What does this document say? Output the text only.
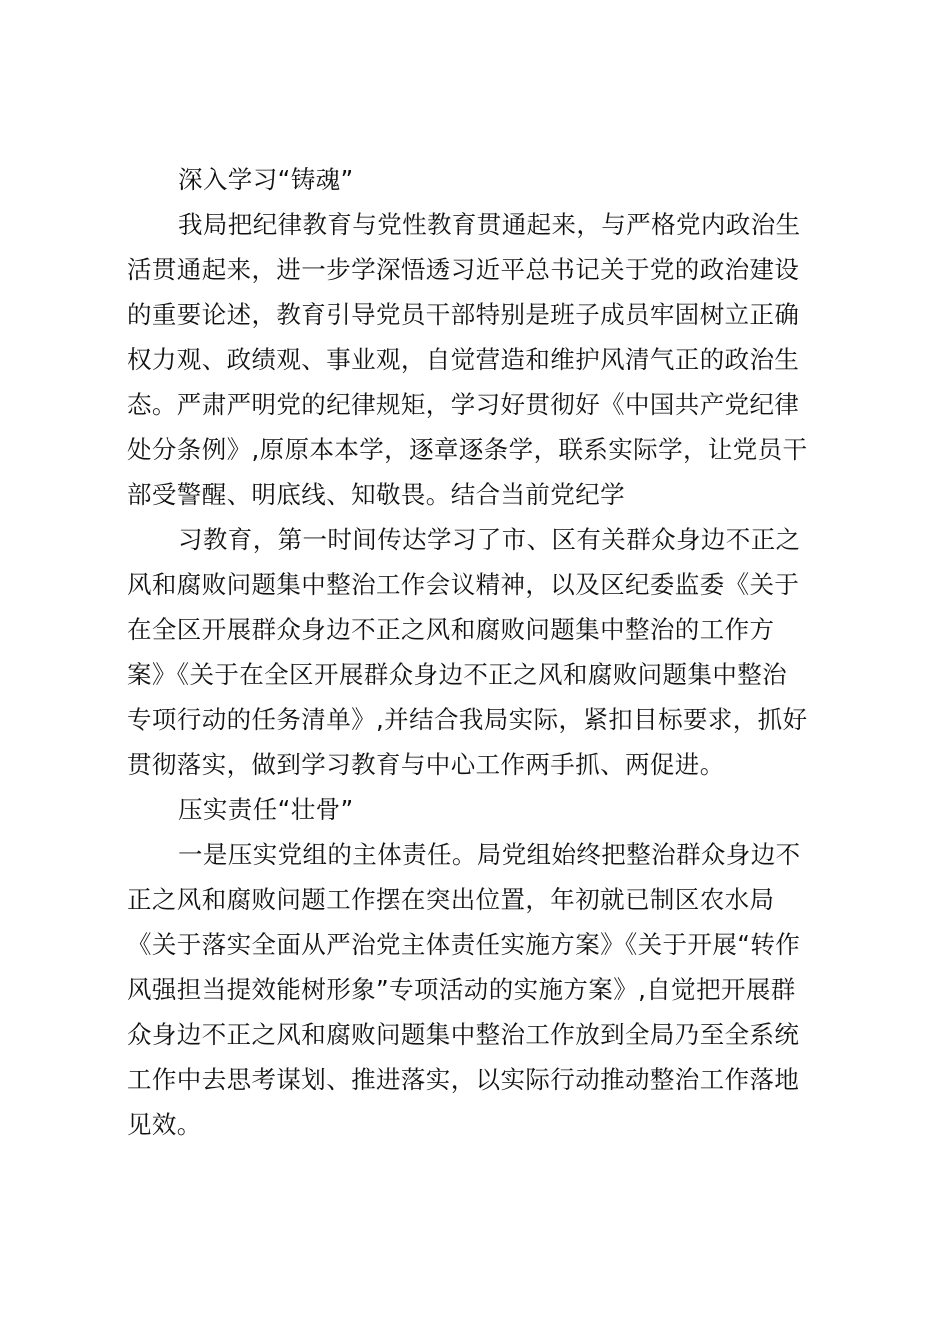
深入学习“铸魂”
我局把纪律教育与党性教育贯通起来，与严格党内政治生
活贯通起来，进一步学深悟透习近平总书记关于党的政治建设
的重要论述，教育引导党员干部特别是班子成员牢固树立正确
权力观、政绩观、事业观，自觉营造和维护风清气正的政治生
态。严肃严明党的纪律规矩，学习好贯彻好《中国共产党纪律
处分条例》,原原本本学，逐章逐条学，联系实际学，让党员干
部受警醒、明底线、知敬畏。结合当前党纪学
习教育，第一时间传达学习了市、区有关群众身边不正之
风和腐败问题集中整治工作会议精神，以及区纪委监委《关于
在全区开展群众身边不正之风和腐败问题集中整治的工作方
案》《关于在全区开展群众身边不正之风和腐败问题集中整治
专项行动的任务清单》,并结合我局实际，紧扣目标要求，抓好
贯彻落实，做到学习教育与中心工作两手抓、两促进。
压实责任“壮骨”
一是压实党组的主体责任。局党组始终把整治群众身边不
正之风和腐败问题工作摆在突出位置，年初就已制区农水局
《关于落实全面从严治党主体责任实施方案》《关于开展“转作
风强担当提效能树形象”专项活动的实施方案》,自觉把开展群
众身边不正之风和腐败问题集中整治工作放到全局乃至全系统
工作中去思考谋划、推进落实，以实际行动推动整治工作落地
见效。
